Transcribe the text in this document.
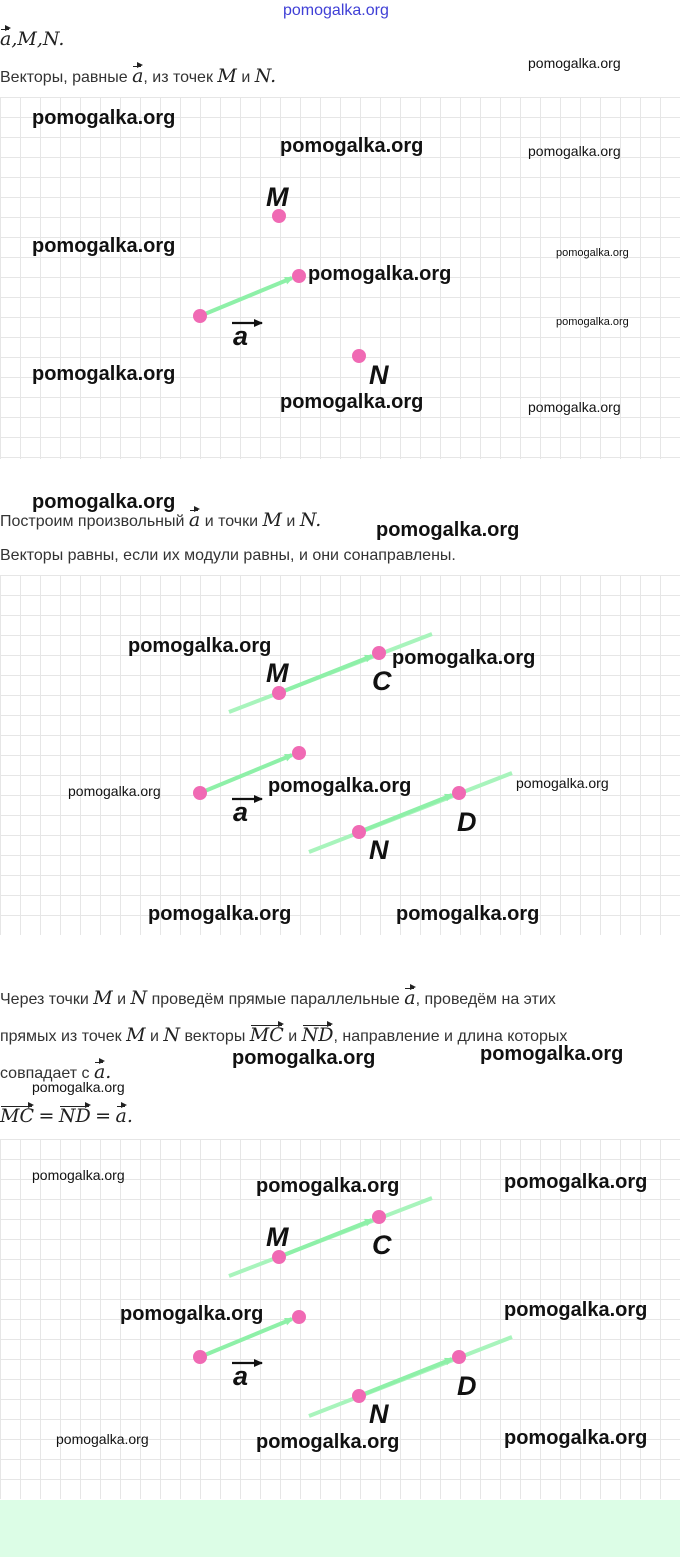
pomogalka.org
a,M,N.
Векторы, равные a, из точек M и N.
M
N
a
Построим произвольный a и точки M и N.
Векторы равны, если их модули равны, и они сонаправлены.
M	C
a
N
D
Через точки M и N проведём прямые параллельные a, проведём на этих
прямых из точек M и N векторы MC и ND, направление и длина которых
совпадает с a.
MC = ND = a.
M	C
a
N
D
pomogalka.org
pomogalka.org
pomogalka.org	pomogalka.org
pomogalka.org	pomogalka.org
pomogalka.org
pomogalka.org
pomogalka.org
pomogalka.org	pomogalka.org
pomogalka.org
pomogalka.org
pomogalka.org
pomogalka.org
pomogalka.org	pomogalka.org
pomogalka.org
pomogalka.org	pomogalka.org
pomogalka.org	pomogalka.org
pomogalka.org
pomogalka.org	pomogalka.org	pomogalka.org
pomogalka.org	pomogalka.org
pomogalka.org	pomogalka.org	pomogalka.org
